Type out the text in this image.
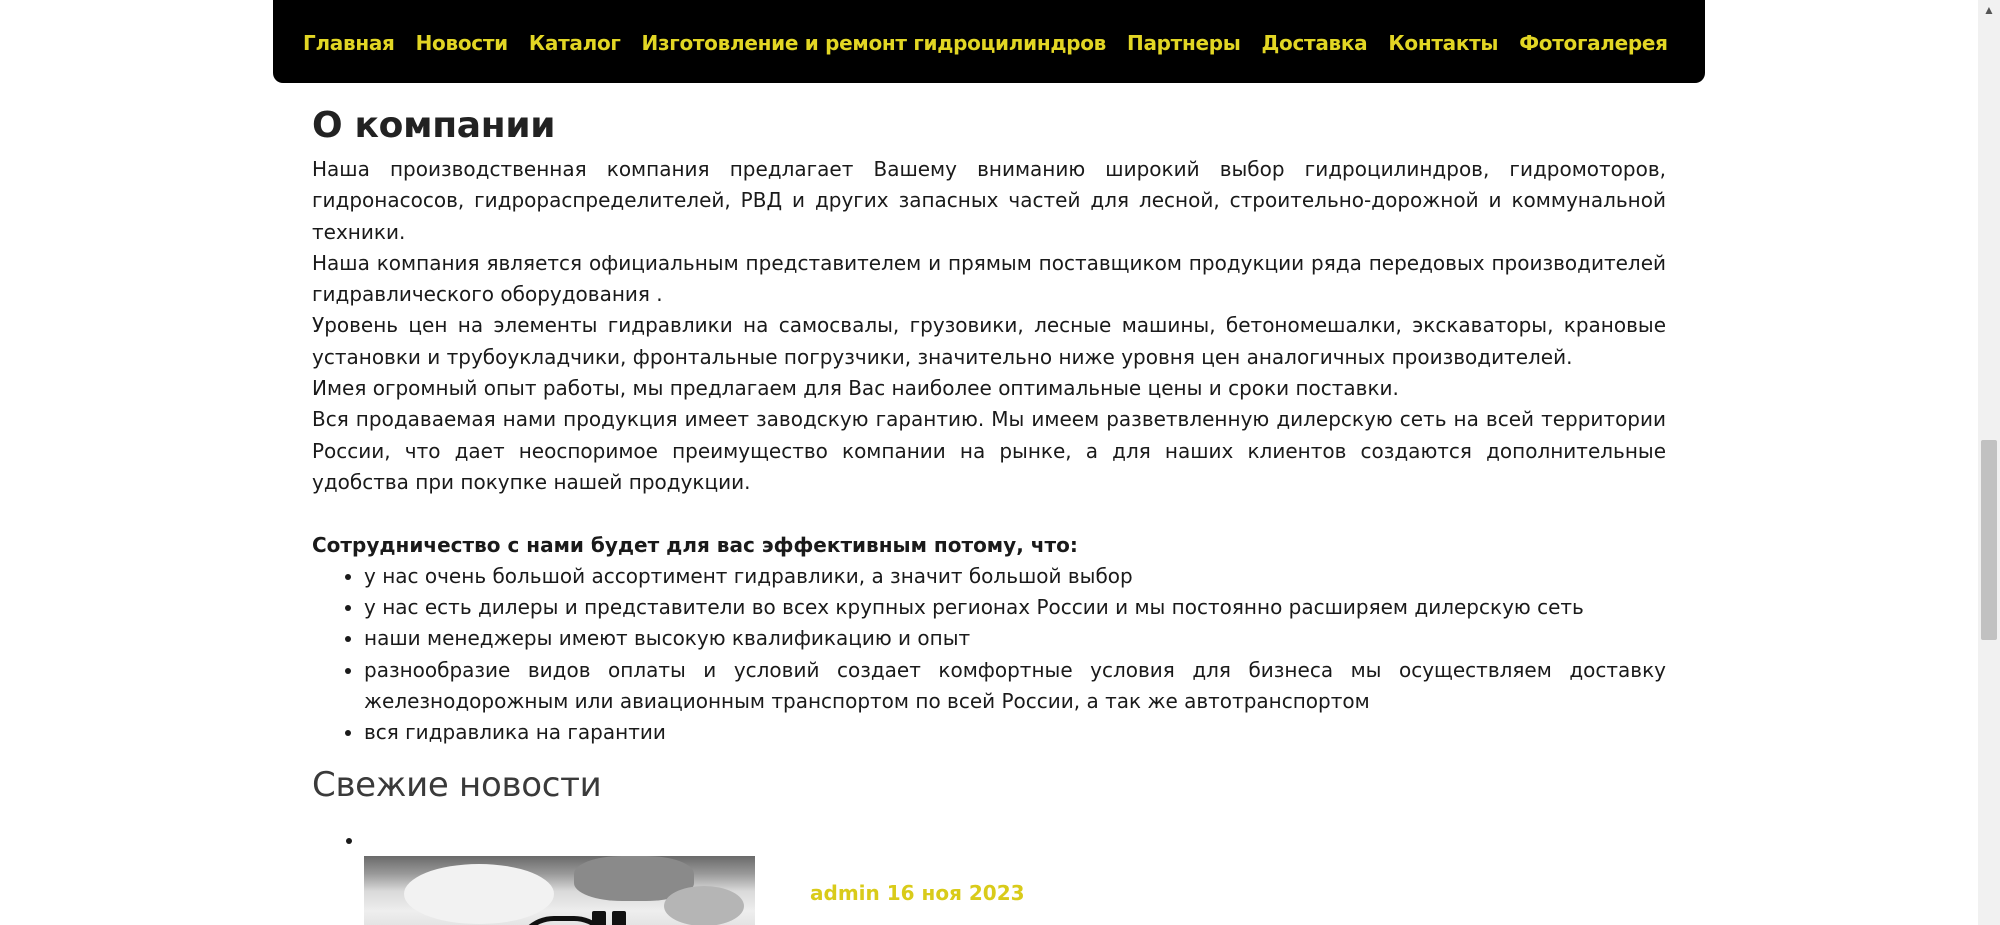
Главная Новости Каталог Изготовление и ремонт гидроцилиндров Партнеры Доставка Контакты Фотогалерея
О компании

Наша производственная компания предлагает Вашему вниманию широкий выбор гидроцилиндров, гидромоторов, гидронасосов, гидрораспределителей, РВД и других запасных частей для лесной, строительно-дорожной и коммунальной техники.

Наша компания является официальным представителем и прямым поставщиком продукции ряда передовых производителей гидравлического оборудования .

Уровень цен на элементы гидравлики на самосвалы, грузовики, лесные машины, бетономешалки, экскаваторы, крановые установки и трубоукладчики, фронтальные погрузчики, значительно ниже уровня цен аналогичных производителей.

Имея огромный опыт работы, мы предлагаем для Вас наиболее оптимальные цены и сроки поставки.

Вся продаваемая нами продукция имеет заводскую гарантию. Мы имеем разветвленную дилерскую сеть на всей территории России, что дает неоспоримое преимущество компании на рынке, а для наших клиентов создаются дополнительные удобства при покупке нашей продукции.

Сотрудничество с нами будет для вас эффективным потому, что:

• у нас очень большой ассортимент гидравлики, а значит большой выбор
• у нас есть дилеры и представители во всех крупных регионах России и мы постоянно расширяем дилерскую сеть
• наши менеджеры имеют высокую квалификацию и опыт
• разнообразие видов оплаты и условий создает комфортные условия для бизнеса мы осуществляем доставку железнодорожным или авиационным транспортом по всей России, а так же автотранспортом
• вся гидравлика на гарантии
Свежие новости
• admin 16 ноя 2023
▲
